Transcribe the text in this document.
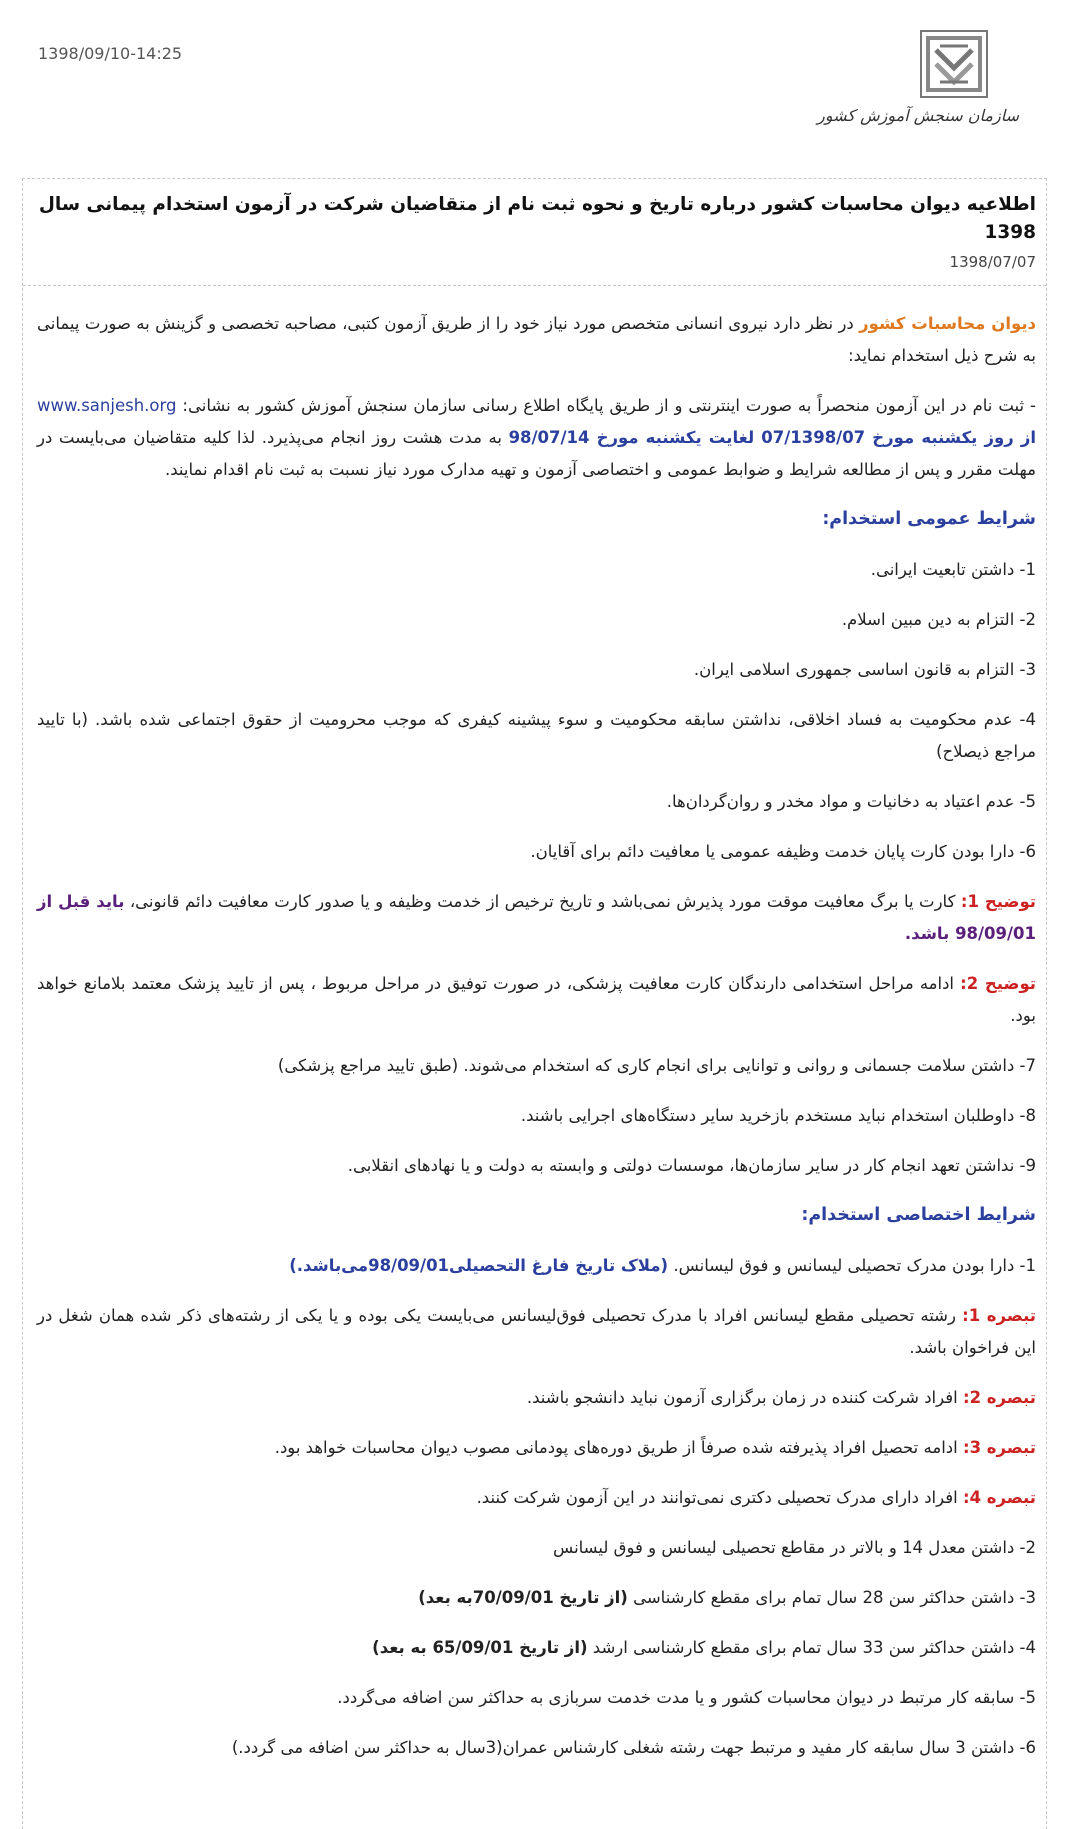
1398/09/10-14:25
سازمان سنجش آموزش کشور
اطلاعیه دیوان محاسبات کشور درباره تاریخ و نحوه ثبت نام از متقاضیان شرکت در آزمون استخدام پیمانی سال 1398
1398/07/07

دیوان محاسبات کشور در نظر دارد نیروی انسانی متخصص مورد نیاز خود را از طریق آزمون کتبی، مصاحبه تخصصی و گزینش به صورت پیمانی به شرح ذیل استخدام نماید:

- ثبت نام در این آزمون منحصراً به صورت اینترنتی و از طریق پایگاه اطلاع رسانی سازمان سنجش آموزش کشور به نشانی: www.sanjesh.org از روز یکشنبه مورخ 07/1398/07 لغایت یکشنبه مورخ 98/07/14 به مدت هشت روز انجام می‌پذیرد. لذا کلیه متقاضیان می‌بایست در مهلت مقرر و پس از مطالعه شرایط و ضوابط عمومی و اختصاصی آزمون و تهیه مدارک مورد نیاز نسبت به ثبت نام اقدام نمایند.

شرایط عمومی استخدام:

1- داشتن تابعیت ایرانی.

2- التزام به دین مبین اسلام.

3- التزام به قانون اساسی جمهوری اسلامی ایران.

4- عدم محکومیت به فساد اخلاقی، نداشتن سابقه محکومیت و سوء پیشینه کیفری که موجب محرومیت از حقوق اجتماعی شده باشد. (با تایید مراجع ذیصلاح)

5- عدم اعتیاد به دخانیات و مواد مخدر و روان‌گردان‌ها.

6- دارا بودن کارت پایان خدمت وظیفه عمومی یا معافیت دائم برای آقایان.

توضیح 1: کارت یا برگ معافیت موقت مورد پذیرش نمی‌باشد و تاریخ ترخیص از خدمت وظیفه و یا صدور کارت معافیت دائم قانونی، باید قبل از 98/09/01 باشد.

توضیح 2: ادامه مراحل استخدامی دارندگان کارت معافیت پزشکی، در صورت توفیق در مراحل مربوط ، پس از تایید پزشک معتمد بلامانع خواهد بود.

7- داشتن سلامت جسمانی و روانی و توانایی برای انجام کاری که استخدام می‌شوند. (طبق تایید مراجع پزشکی)

8- داوطلبان استخدام نباید مستخدم بازخرید سایر دستگاه‌های اجرایی باشند.

9- نداشتن تعهد انجام کار در سایر سازمان‌ها، موسسات دولتی و وابسته به دولت و یا نهادهای انقلابی.

شرایط اختصاصی استخدام:

1- دارا بودن مدرک تحصیلی لیسانس و فوق لیسانس. (ملاک تاریخ فارغ التحصیلی98/09/01می‌باشد.)

تبصره 1: رشته تحصیلی مقطع لیسانس افراد با مدرک تحصیلی فوق‌لیسانس می‌بایست یکی بوده و یا یکی از رشته‌های ذکر شده همان شغل در این فراخوان باشد.

تبصره 2: افراد شرکت کننده در زمان برگزاری آزمون نباید دانشجو باشند.

تبصره 3: ادامه تحصیل افراد پذیرفته شده صرفاً از طریق دوره‌های پودمانی مصوب دیوان محاسبات خواهد بود.

تبصره 4: افراد دارای مدرک تحصیلی دکتری نمی‌توانند در این آزمون شرکت کنند.

2- داشتن معدل 14 و بالاتر در مقاطع تحصیلی لیسانس و فوق لیسانس

3- داشتن حداکثر سن 28 سال تمام برای مقطع کارشناسی (از تاریخ 70/09/01به بعد)

4- داشتن حداکثر سن 33 سال تمام برای مقطع کارشناسی ارشد (از تاریخ 65/09/01 به بعد)

5- سابقه کار مرتبط در دیوان محاسبات کشور و یا مدت خدمت سربازی به حداکثر سن اضافه می‌گردد.

6- داشتن 3 سال سابقه کار مفید و مرتبط جهت رشته شغلی کارشناس عمران(3سال به حداکثر سن اضافه می گردد.)
